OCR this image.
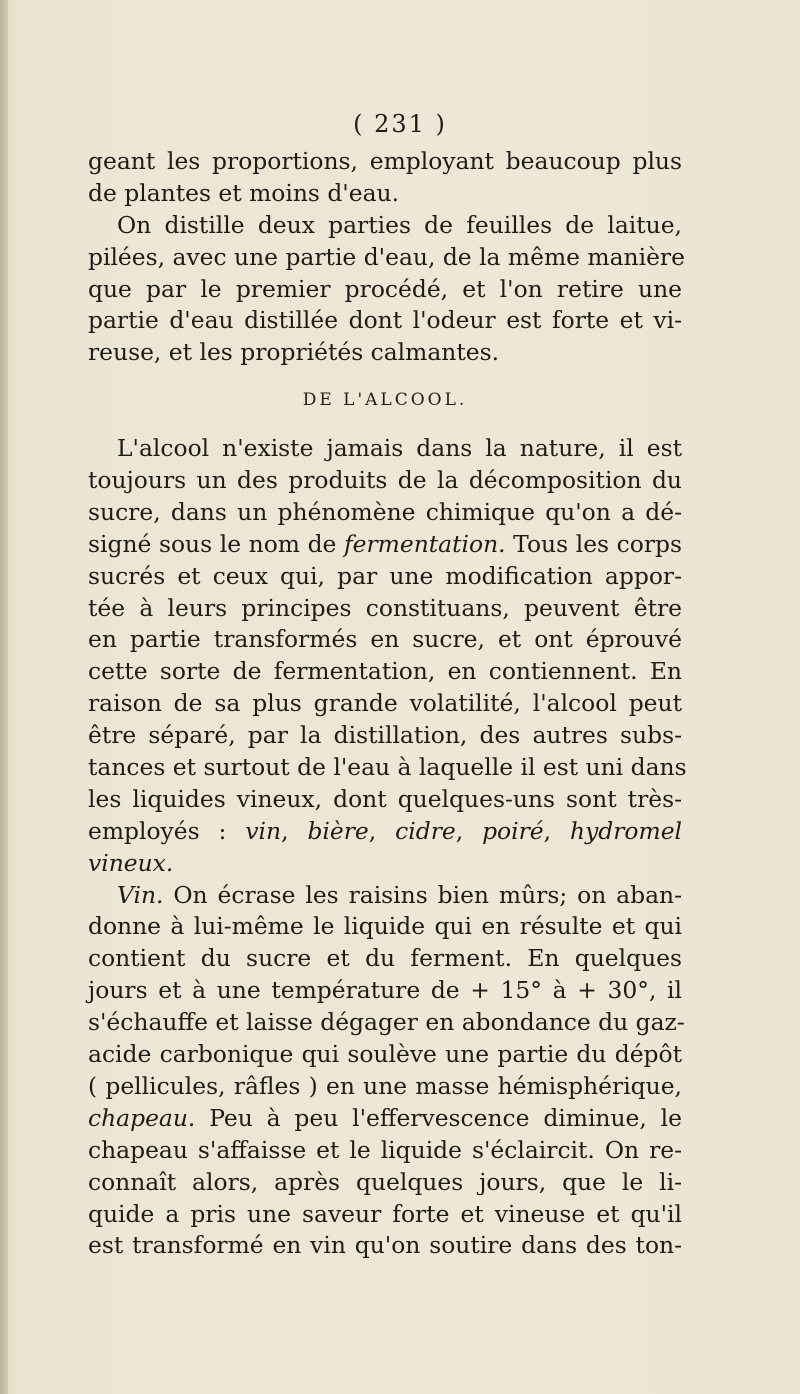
( 231 )
geant les proportions, employant beaucoup plus
de plantes et moins d'eau.
On distille deux parties de feuilles de laitue,
pilées, avec une partie d'eau, de la même manière
que par le premier procédé, et l'on retire une
partie d'eau distillée dont l'odeur est forte et vi-
reuse, et les propriétés calmantes.
DE L'ALCOOL.
L'alcool n'existe jamais dans la nature, il est
toujours un des produits de la décomposition du
sucre, dans un phénomène chimique qu'on a dé-
signé sous le nom de fermentation. Tous les corps
sucrés et ceux qui, par une modification appor-
tée à leurs principes constituans, peuvent être
en partie transformés en sucre, et ont éprouvé
cette sorte de fermentation, en contiennent. En
raison de sa plus grande volatilité, l'alcool peut
être séparé, par la distillation, des autres subs-
tances et surtout de l'eau à laquelle il est uni dans
les liquides vineux, dont quelques-uns sont très-
employés : vin, bière, cidre, poiré, hydromel
vineux.
Vin. On écrase les raisins bien mûrs; on aban-
donne à lui-même le liquide qui en résulte et qui
contient du sucre et du ferment. En quelques
jours et à une température de + 15° à + 30°, il
s'échauffe et laisse dégager en abondance du gaz-
acide carbonique qui soulève une partie du dépôt
( pellicules, râfles ) en une masse hémisphérique,
chapeau. Peu à peu l'effervescence diminue, le
chapeau s'affaisse et le liquide s'éclaircit. On re-
connaît alors, après quelques jours, que le li-
quide a pris une saveur forte et vineuse et qu'il
est transformé en vin qu'on soutire dans des ton-
